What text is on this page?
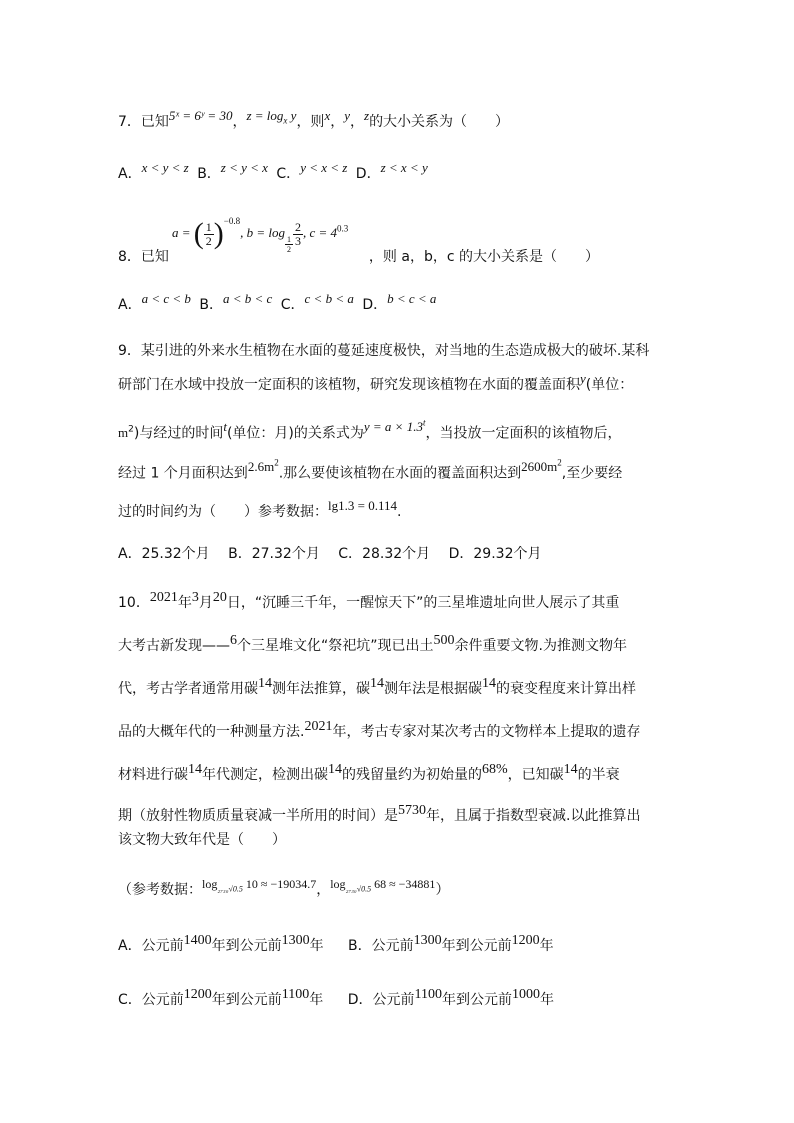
7．已知5ˣ = 6ʸ = 30，$z = \log_x y$，则x，y，z的大小关系为（　　）
A．x < y < z B．z < y < x C．y < x < z D．z < x < y
a = ( $\frac{1}{2} )^{-0.8}$, b = log
$\frac{1}{2} \frac{2}{3}$ , $c = 4^{0.3}$
8．已知	，则 a，b，c 的大小关系是（　　）
A．a < c < b B．a < b < c C．c < b < a D．b < c < a
9．某引进的外来水生植物在水面的蔓延速度极快，对当地的生态造成极大的破坏.某科
研部门在水域中投放一定面积的该植物，研究发现该植物在水面的覆盖面积y(单位：
$m^2$)与经过的时间t(单位：月)的关系式为$y = a \times 1.3^t$，当投放一定面积的该植物后，
经过 1 个月面积达到$2.6m^2$.那么要使该植物在水面的覆盖面积达到$2600m^2$,至少要经
过的时间约为（　　）参考数据：lg1.3 = 0.114.
A．25.32个月 B．27.32个月 C．28.32个月 D．29.32个月
10．2021年3月20日，“沉睡三千年，一醒惊天下”的三星堆遗址向世人展示了其重
大考古新发现——6个三星堆文化“祭祀坑”现已出土500余件重要文物.为推测文物年
代，考古学者通常用碳14测年法推算，碳14测年法是根据碳14的衰变程度来计算出样
品的大概年代的一种测量方法.2021年，考古专家对某次考古的文物样本上提取的遗存
材料进行碳14年代测定，检测出碳14的残留量约为初始量的68%，已知碳14的半衰
期（放射性物质质量衰减一半所用的时间）是5730年，且属于指数型衰减.以此推算出
该文物大致年代是（　　）
（参考数据：$\log_{_{2730}√0.5} 10 \approx -19034.7$，$\log_{_{2730}√0.5} 68 \approx -34881$）
A．公元前1400年到公元前1300年 B．公元前1300年到公元前1200年
C．公元前1200年到公元前1100年 D．公元前1100年到公元前1000年
